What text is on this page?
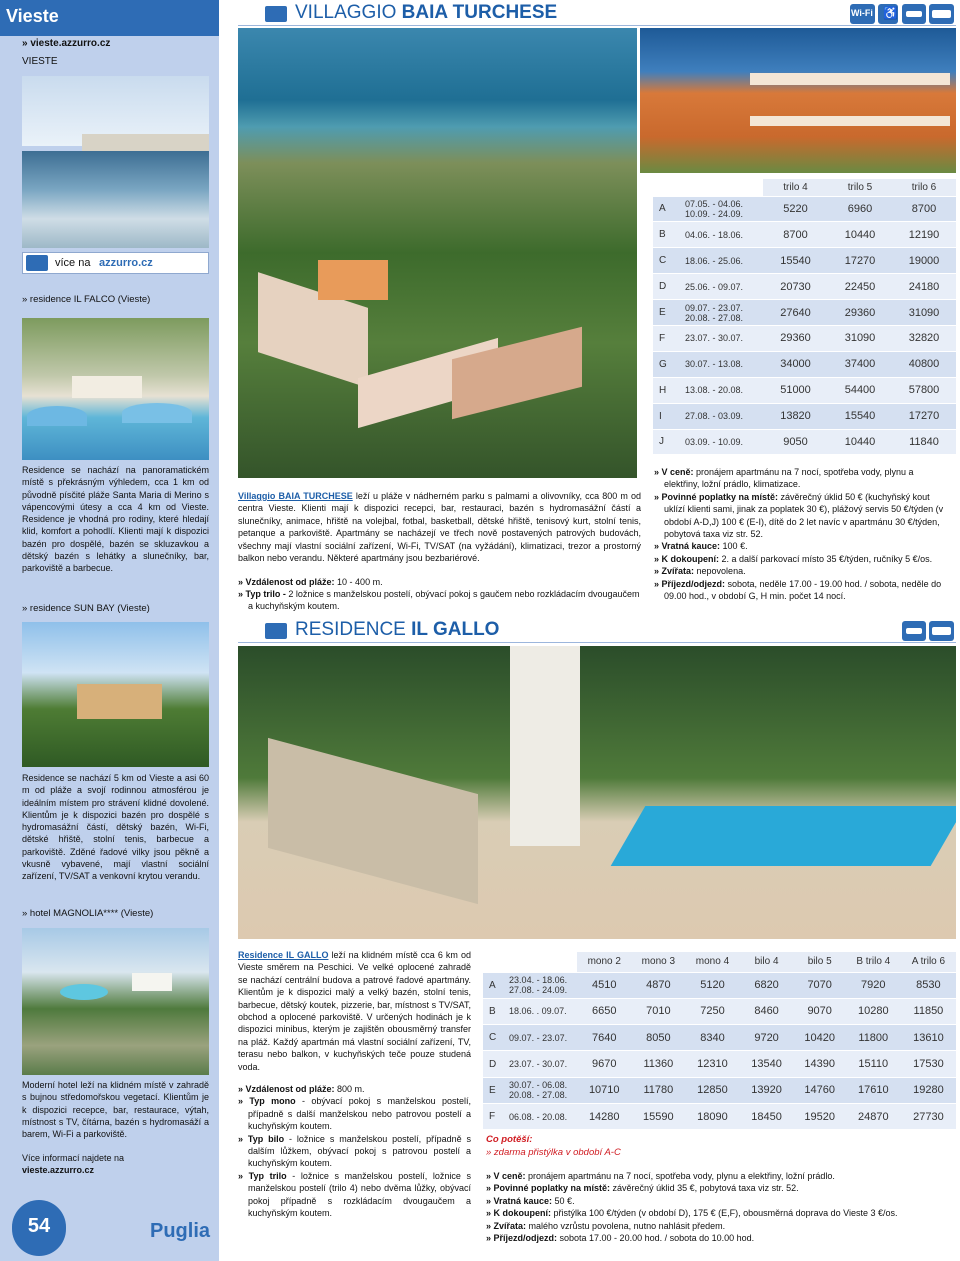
Vieste
» vieste.azzurro.cz
VIESTE
více na azzurro.cz
» residence IL FALCO (Vieste)
Residence se nachází na panoramatickém místě s překrásným výhledem, cca 1 km od původně písčité pláže Santa Maria di Merino s vápencovými útesy a cca 4 km od Vieste. Residence je vhodná pro rodiny, které hledají klid, komfort a pohodlí. Klienti mají k dispozici bazén pro dospělé, bazén se skluzavkou a dětský bazén s lehátky a slunečníky, bar, parkoviště a barbecue.
» residence SUN BAY (Vieste)
Residence se nachází 5 km od Vieste a asi 60 m od pláže a svojí rodinnou atmosférou je ideálním místem pro strávení klidné dovolené. Klientům je k dispozici bazén pro dospělé s hydromasážní částí, dětský bazén, Wi-Fi, dětské hřiště, stolní tenis, barbecue a parkoviště. Zděné řadové vilky jsou pěkně a vkusně vybavené, mají vlastní sociální zařízení, TV/SAT a venkovní krytou verandu.
» hotel MAGNOLIA**** (Vieste)
Moderní hotel leží na klidném místě v zahradě s bujnou středomořskou vegetací. Klientům je k dispozici recepce, bar, restaurace, výtah, místnost s TV, čítárna, bazén s hydromasáží a barem, Wi-Fi a parkoviště.
Více informací najdete na
vieste.azzurro.cz
54	Puglia
VILLAGGIO BAIA TURCHESE	Wi-Fi ♿
		trilo 4	trilo 5	trilo 6
A	07.05. - 04.06.
10.09. - 24.09.	5220	6960	8700
B	04.06. - 18.06.	8700	10440	12190
C	18.06. - 25.06.	15540	17270	19000
D	25.06. - 09.07.	20730	22450	24180
E	09.07. - 23.07.
20.08. - 27.08.	27640	29360	31090
F	23.07. - 30.07.	29360	31090	32820
G	30.07. - 13.08.	34000	37400	40800
H	13.08. - 20.08.	51000	54400	57800
I	27.08. - 03.09.	13820	15540	17270
J	03.09. - 10.09.	9050	10440	11840
Villaggio BAIA TURCHESE leží u pláže v nádherném parku s palmami a olivovníky, cca 800 m od centra Vieste. Klienti mají k dispozici recepci, bar, restauraci, bazén s hydromasážní částí a slunečníky, animace, hřiště na volejbal, fotbal, basketball, dětské hřiště, tenisový kurt, stolní tenis, petanque a parkoviště. Apartmány se nacházejí ve třech nově postavených patrových budovách, všechny mají vlastní sociální zařízení, Wi-Fi, TV/SAT (na vyžádání), klimatizaci, trezor a prostorný balkon nebo verandu. Některé apartmány jsou bezbariérové.
» Vzdálenost od pláže: 10 - 400 m.
» Typ trilo - 2 ložnice s manželskou postelí, obývací pokoj s gaučem nebo rozkládacím dvougaučem a kuchyňským koutem.
» V ceně: pronájem apartmánu na 7 nocí, spotřeba vody, plynu a elektřiny, ložní prádlo, klimatizace.
» Povinné poplatky na místě: závěrečný úklid 50 € (kuchyňský kout uklízí klienti sami, jinak za poplatek 30 €), plážový servis 50 €/týden (v období A-D,J) 100 € (E-I), dítě do 2 let navíc v apartmánu 30 €/týden, pobytová taxa viz str. 52.
» Vratná kauce: 100 €.
» K dokoupení: 2. a další parkovací místo 35 €/týden, ručníky 5 €/os.
» Zvířata: nepovolena.
» Příjezd/odjezd: sobota, neděle 17.00 - 19.00 hod. / sobota, neděle do 09.00 hod., v období G, H min. počet 14 nocí.
RESIDENCE IL GALLO
Residence IL GALLO leží na klidném místě cca 6 km od Vieste směrem na Peschici. Ve velké oplocené zahradě se nachází centrální budova a patrové řadové apartmány. Klientům je k dispozici malý a velký bazén, stolní tenis, barbecue, dětský koutek, pizzerie, bar, místnost s TV/SAT, obchod a oplocené parkoviště. V určených hodinách je k dispozici minibus, kterým je zajištěn obousměrný transfer na pláž. Každý apartmán má vlastní sociální zařízení, TV, terasu nebo balkon, v kuchyňských teče pouze studená voda.
» Vzdálenost od pláže: 800 m.
» Typ mono - obývací pokoj s manželskou postelí, případně s další manželskou nebo patrovou postelí a kuchyňským koutem.
» Typ bilo - ložnice s manželskou postelí, případně s dalším lůžkem, obývací pokoj s patrovou postelí a kuchyňským koutem.
» Typ trilo - ložnice s manželskou postelí, ložnice s manželskou postelí (trilo 4) nebo dvěma lůžky, obývací pokoj případně s rozkládacím dvougaučem a kuchyňským koutem.
		mono 2	mono 3	mono 4	bilo 4	bilo 5	B trilo 4	A trilo 6
A	23.04. - 18.06.
27.08. - 24.09.	4510	4870	5120	6820	7070	7920	8530
B	18.06. . 09.07.	6650	7010	7250	8460	9070	10280	11850
C	09.07. - 23.07.	7640	8050	8340	9720	10420	11800	13610
D	23.07. - 30.07.	9670	11360	12310	13540	14390	15110	17530
E	30.07. - 06.08.
20.08. - 27.08.	10710	11780	12850	13920	14760	17610	19280
F	06.08. - 20.08.	14280	15590	18090	18450	19520	24870	27730
Co potěší:
» zdarma přistýlka v období A-C
» V ceně: pronájem apartmánu na 7 nocí, spotřeba vody, plynu a elektřiny, ložní prádlo.
» Povinné poplatky na místě: závěrečný úklid 35 €, pobytová taxa viz str. 52.
» Vratná kauce: 50 €.
» K dokoupení: přistýlka 100 €/týden (v období D), 175 € (E,F), obousměrná doprava do Vieste 3 €/os.
» Zvířata: malého vzrůstu povolena, nutno nahlásit předem.
» Příjezd/odjezd: sobota 17.00 - 20.00 hod. / sobota do 10.00 hod.
